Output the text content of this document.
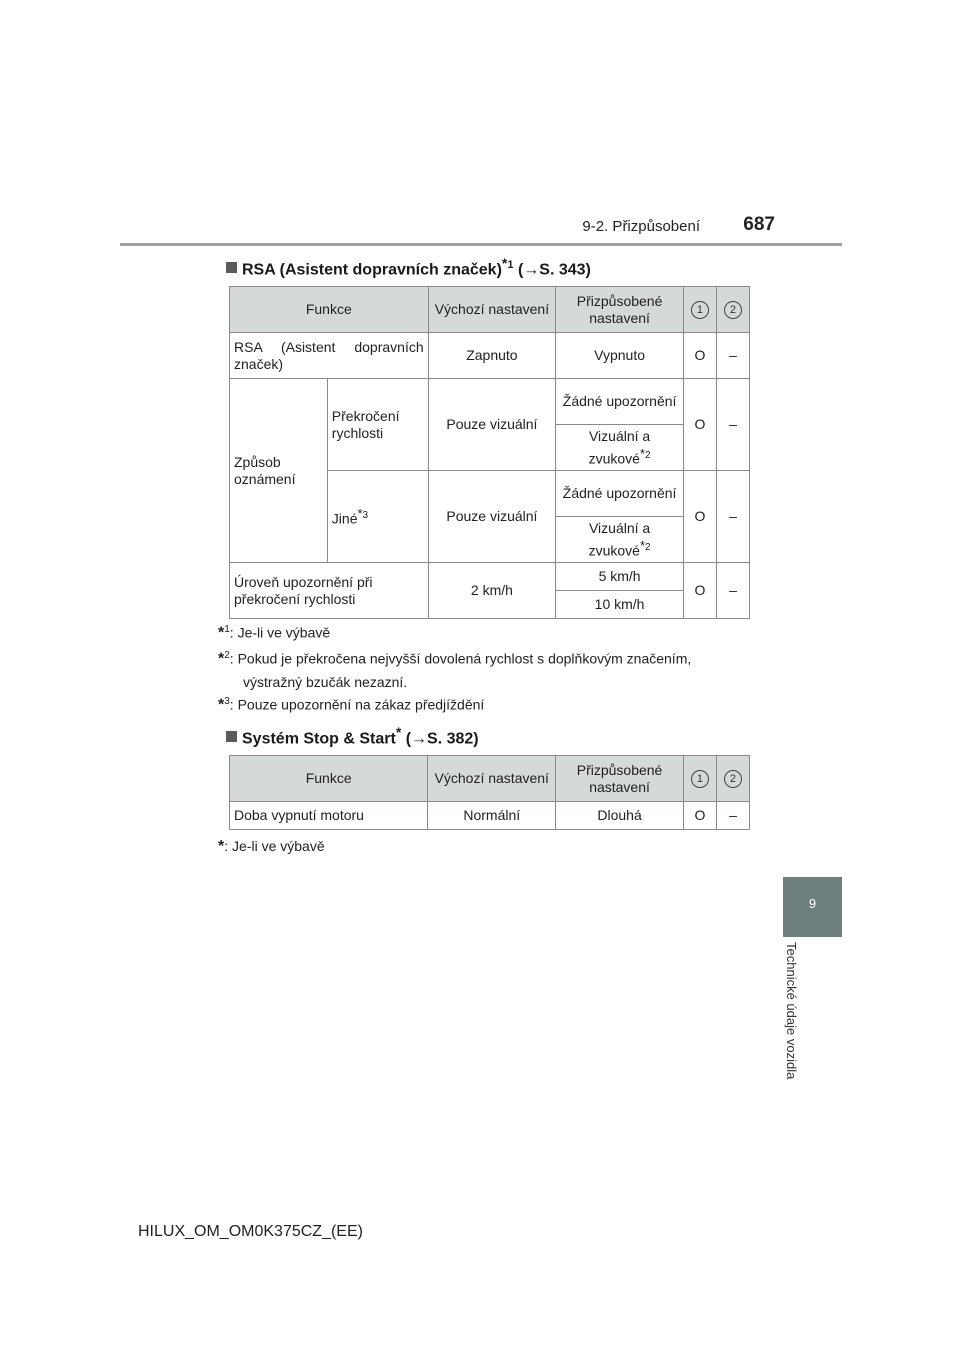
9-2. Přizpůsobení	687
9
Technické údaje vozidla
RSA (Asistent dopravních značek)$^{*1}$ (→S. 343)
Funkce		Výchozí nastavení	Přizpůsobené nastavení	1	2
RSA (Asistent dopravních značek)		Zapnuto	Vypnuto	O	–
Způsob oznámení	Překročení rychlosti	Pouze vizuální	Žádné upozornění	O	–
			Vizuální a zvukové$^{*2}$
	Jiné$^{*3}$	Pouze vizuální	Žádné upozornění	O	–
			Vizuální a zvukové$^{*2}$
Úroveň upozornění při překročení rychlosti		2 km/h	5 km/h	O	–
			10 km/h		
*$^1$: Je-li ve výbavě
*$^2$: Pokud je překročena nejvyšší dovolená rychlost s doplňkovým značením,
výstražný bzučák nezazní.
*$^3$: Pouze upozornění na zákaz předjíždění
Systém Stop & Start* (→S. 382)
Funkce	Výchozí nastavení	Přizpůsobené nastavení	1	2
Doba vypnutí motoru	Normální	Dlouhá	O	–
*: Je-li ve výbavě
HILUX_OM_OM0K375CZ_(EE)
